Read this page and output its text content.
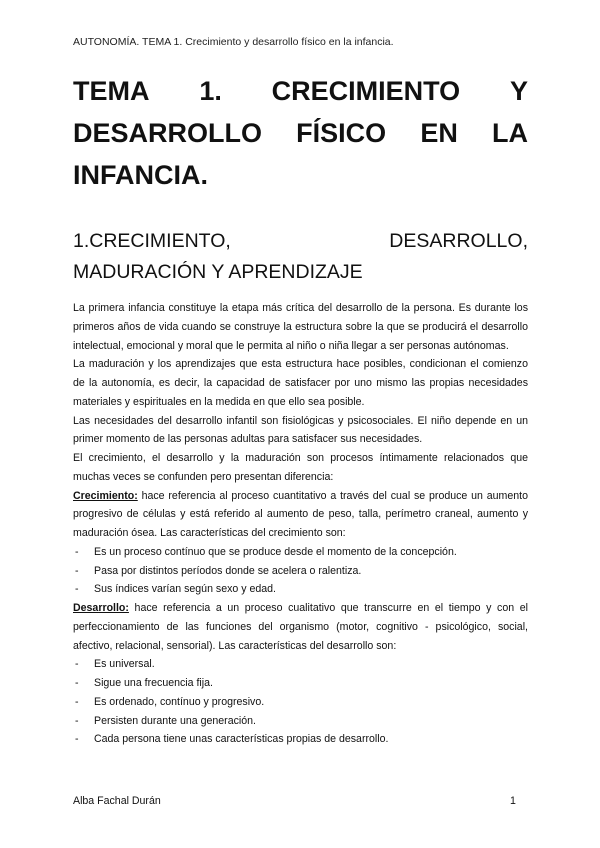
AUTONOMÍA. TEMA 1. Crecimiento y desarrollo físico en la infancia.
TEMA 1. CRECIMIENTO Y
DESARROLLO FÍSICO EN LA
INFANCIA.
1.CRECIMIENTO,	DESARROLLO,
MADURACIÓN Y APRENDIZAJE

La primera infancia constituye la etapa más crítica del desarrollo de la persona. Es durante los primeros años de vida cuando se construye la estructura sobre la que se producirá el desarrollo intelectual, emocional y moral que le permita al niño o niña llegar a ser personas autónomas.

La maduración y los aprendizajes que esta estructura hace posibles, condicionan el comienzo de la autonomía, es decir, la capacidad de satisfacer por uno mismo las propias necesidades materiales y espirituales en la medida en que ello sea posible.

Las necesidades del desarrollo infantil son fisiológicas y psicosociales. El niño depende en un primer momento de las personas adultas para satisfacer sus necesidades.

El crecimiento, el desarrollo y la maduración son procesos íntimamente relacionados que muchas veces se confunden pero presentan diferencia:

Crecimiento: hace referencia al proceso cuantitativo a través del cual se produce un aumento progresivo de células y está referido al aumento de peso, talla, perímetro craneal, aumento y maduración ósea. Las características del crecimiento son:

- Es un proceso contínuo que se produce desde el momento de la concepción.
- Pasa por distintos períodos donde se acelera o ralentiza.
- Sus índices varían según sexo y edad.

Desarrollo: hace referencia a un proceso cualitativo que transcurre en el tiempo y con el perfeccionamiento de las funciones del organismo (motor, cognitivo - psicológico, social, afectivo, relacional, sensorial). Las características del desarrollo son:

- Es universal.
- Sigue una frecuencia fija.
- Es ordenado, contínuo y progresivo.
- Persisten durante una generación.
- Cada persona tiene unas características propias de desarrollo.
Alba Fachal Durán	1
